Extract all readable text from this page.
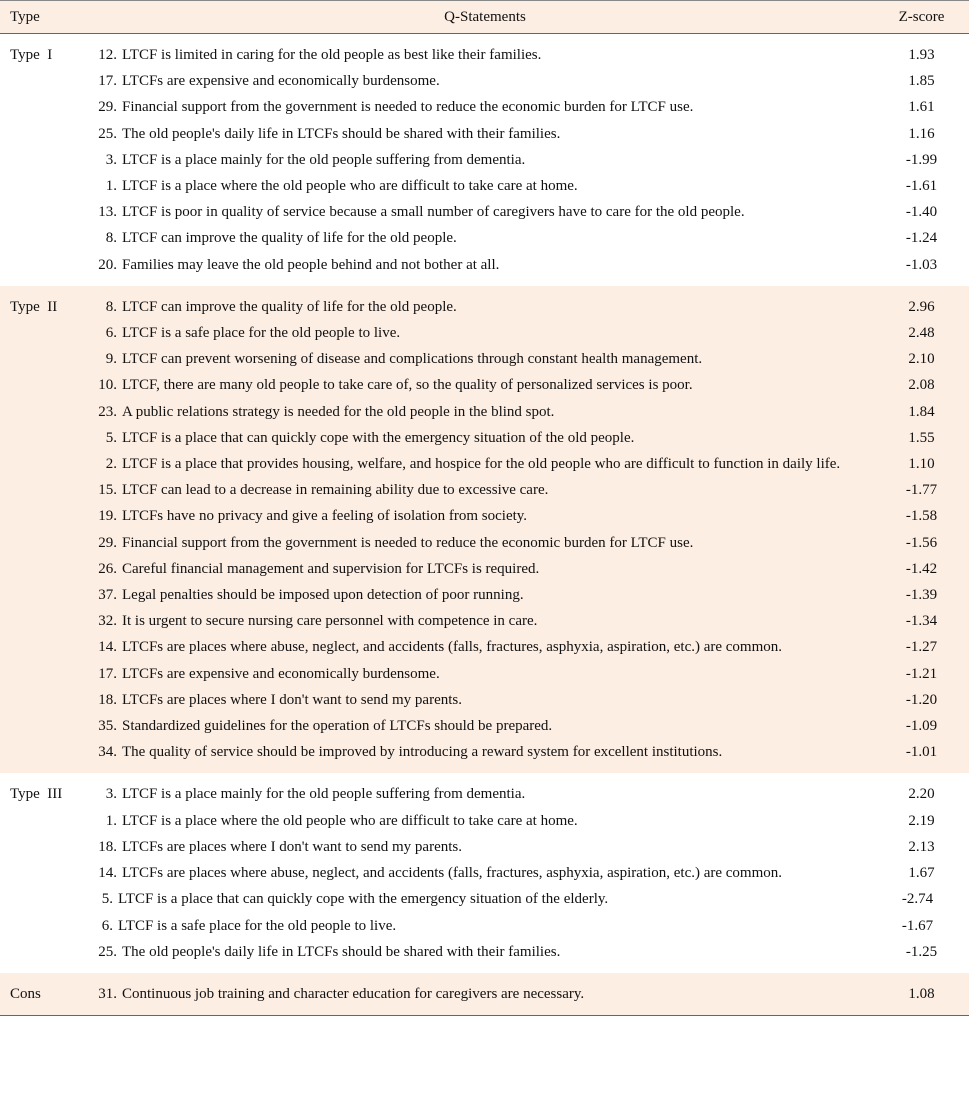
Type	Q-Statements	Z-score
Type  I	12. LTCF is limited in caring for the old people as best like their families.	1.93
17. LTCFs are expensive and economically burdensome.	1.85
29. Financial support from the government is needed to reduce the economic burden for LTCF use.	1.61
25. The old people's daily life in LTCFs should be shared with their families.	1.16
3. LTCF is a place mainly for the old people suffering from dementia.	-1.99
1. LTCF is a place where the old people who are difficult to take care at home.	-1.61
13. LTCF is poor in quality of service because a small number of caregivers have to care for the old people.	-1.40
8. LTCF can improve the quality of life for the old people.	-1.24
20. Families may leave the old people behind and not bother at all.	-1.03
Type  II	8. LTCF can improve the quality of life for the old people.	2.96
6. LTCF is a safe place for the old people to live.	2.48
9. LTCF can prevent worsening of disease and complications through constant health management.	2.10
10. LTCF, there are many old people to take care of, so the quality of personalized services is poor.	2.08
23. A public relations strategy is needed for the old people in the blind spot.	1.84
5. LTCF is a place that can quickly cope with the emergency situation of the old people.	1.55
2. LTCF is a place that provides housing, welfare, and hospice for the old people who are difficult to function in daily life.	1.10
15. LTCF can lead to a decrease in remaining ability due to excessive care.	-1.77
19. LTCFs have no privacy and give a feeling of isolation from society.	-1.58
29. Financial support from the government is needed to reduce the economic burden for LTCF use.	-1.56
26. Careful financial management and supervision for LTCFs is required.	-1.42
37. Legal penalties should be imposed upon detection of poor running.	-1.39
32. It is urgent to secure nursing care personnel with competence in care.	-1.34
14. LTCFs are places where abuse, neglect, and accidents (falls, fractures, asphyxia, aspiration, etc.) are common.	-1.27
17. LTCFs are expensive and economically burdensome.	-1.21
18. LTCFs are places where I don't want to send my parents.	-1.20
35. Standardized guidelines for the operation of LTCFs should be prepared.	-1.09
34. The quality of service should be improved by introducing a reward system for excellent institutions.	-1.01
Type  III	3. LTCF is a place mainly for the old people suffering from dementia.	2.20
1. LTCF is a place where the old people who are difficult to take care at home.	2.19
18. LTCFs are places where I don't want to send my parents.	2.13
14. LTCFs are places where abuse, neglect, and accidents (falls, fractures, asphyxia, aspiration, etc.) are common.	1.67
5. LTCF is a place that can quickly cope with the emergency situation of the elderly.	-2.74
6. LTCF is a safe place for the old people to live.	-1.67
25. The old people's daily life in LTCFs should be shared with their families.	-1.25
Cons	31. Continuous job training and character education for caregivers are necessary.	1.08
